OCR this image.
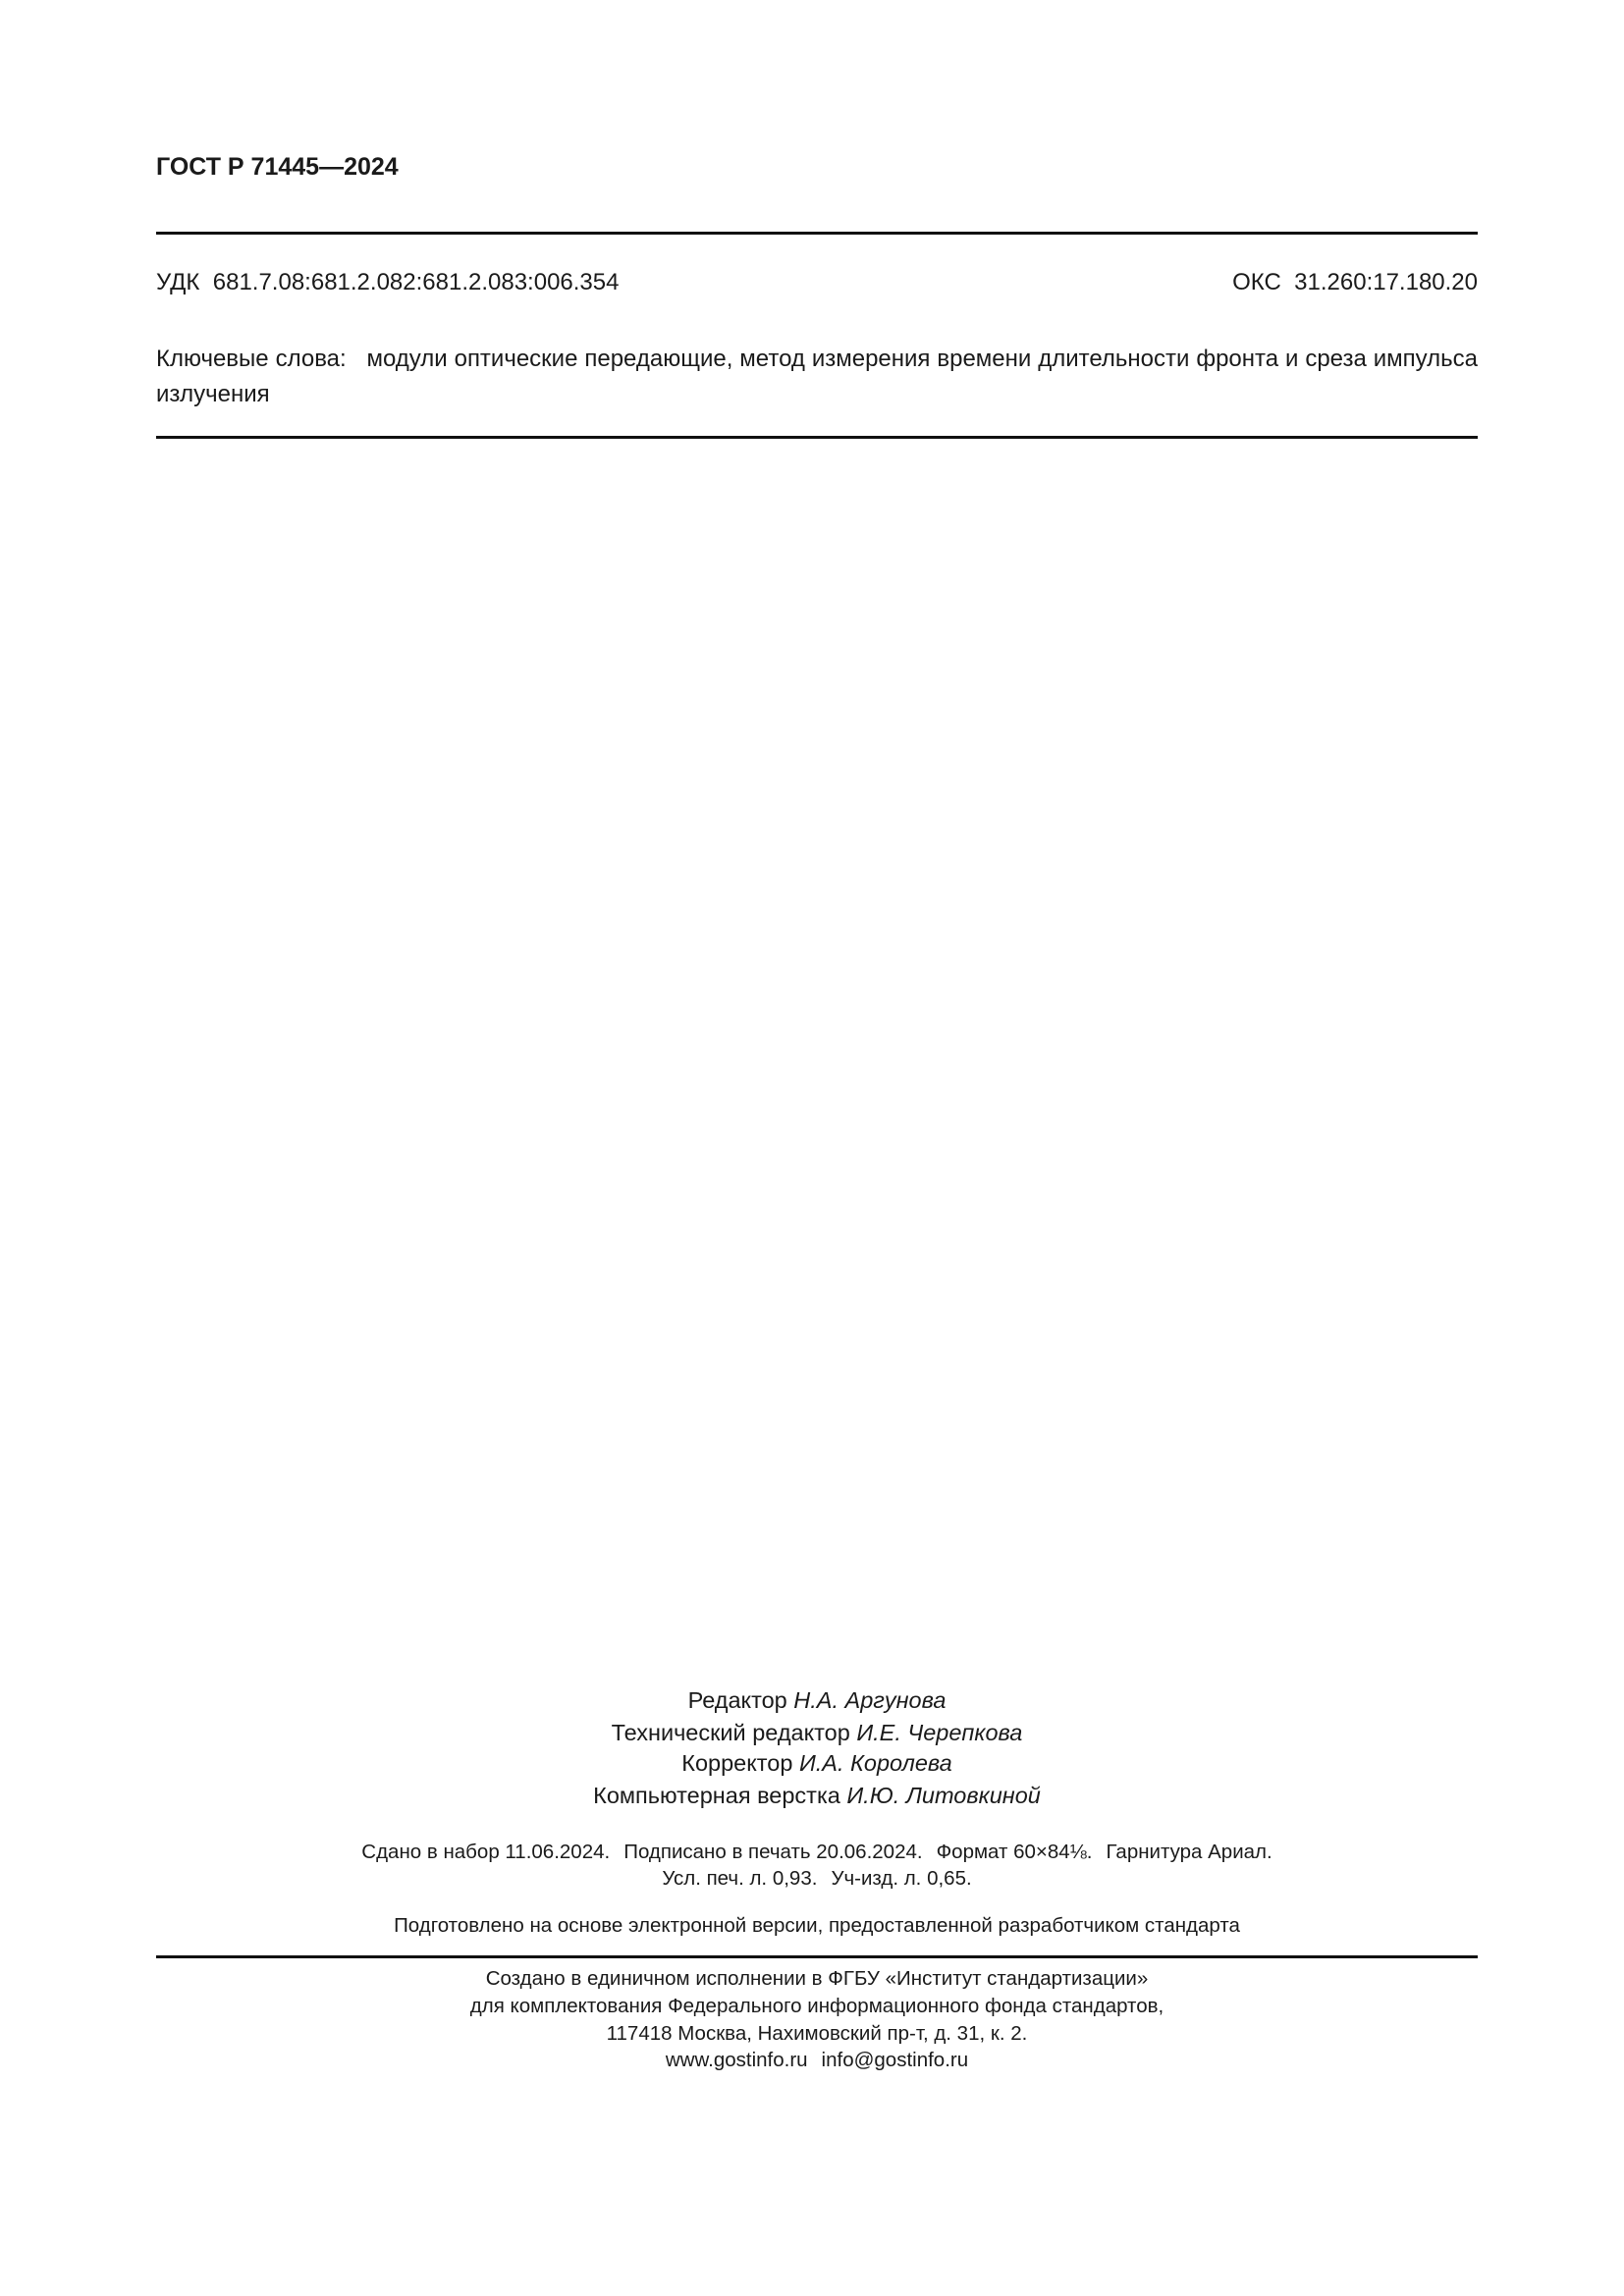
ГОСТ Р 71445—2024
УДК 681.7.08:681.2.082:681.2.083:006.354	ОКС 31.260:17.180.20
Ключевые слова: модули оптические передающие, метод измерения времени длительности фронта и среза импульса излучения
Редактор Н.А. Аргунова
Технический редактор И.Е. Черепкова
Корректор И.А. Королева
Компьютерная верстка И.Ю. Литовкиной
Сдано в набор 11.06.2024. Подписано в печать 20.06.2024. Формат 60×84⅛. Гарнитура Ариал.
Усл. печ. л. 0,93. Уч-изд. л. 0,65.
Подготовлено на основе электронной версии, предоставленной разработчиком стандарта
Создано в единичном исполнении в ФГБУ «Институт стандартизации»
для комплектования Федерального информационного фонда стандартов,
117418 Москва, Нахимовский пр-т, д. 31, к. 2.
www.gostinfo.ru info@gostinfo.ru
